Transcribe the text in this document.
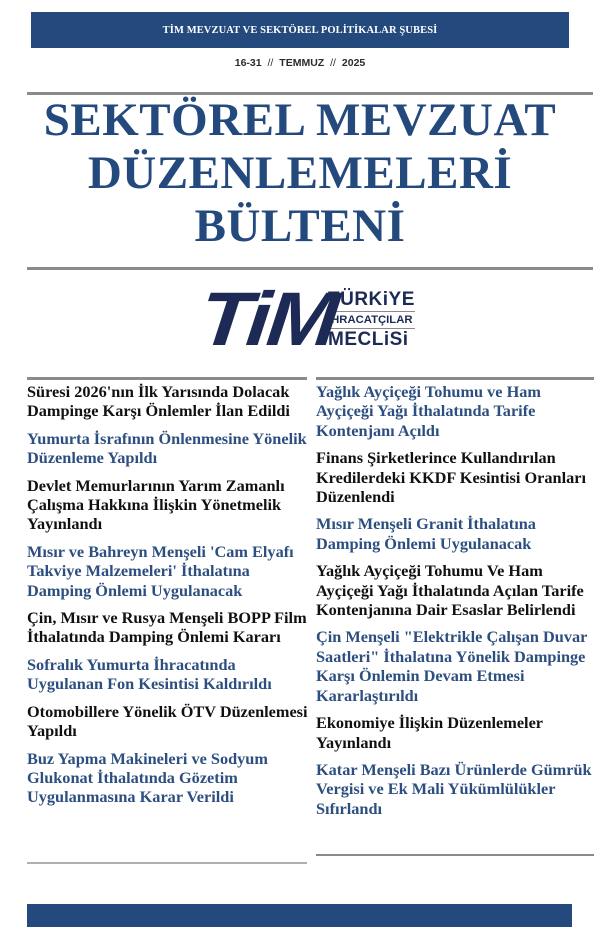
TİM MEVZUAT VE SEKTÖREL POLİTİKALAR ŞUBESİ
16-31 // TEMMUZ // 2025
SEKTÖREL MEVZUAT
DÜZENLEMELERİ
BÜLTENİ
TiM
TÜRKiYE
İHRACATÇILAR
MECLiSi
Süresi 2026'nın İlk Yarısında Dolacak Dampinge Karşı Önlemler İlan Edildi
Yumurta İsrafının Önlenmesine Yönelik Düzenleme Yapıldı
Devlet Memurlarının Yarım Zamanlı Çalışma Hakkına İlişkin Yönetmelik Yayınlandı
Mısır ve Bahreyn Menşeli 'Cam Elyafı Takviye Malzemeleri' İthalatına Damping Önlemi Uygulanacak
Çin, Mısır ve Rusya Menşeli BOPP Film İthalatında Damping Önlemi Kararı
Sofralık Yumurta İhracatında Uygulanan Fon Kesintisi Kaldırıldı
Otomobillere Yönelik ÖTV Düzenlemesi Yapıldı
Buz Yapma Makineleri ve Sodyum Glukonat İthalatında Gözetim Uygulanmasına Karar Verildi
Yağlık Ayçiçeği Tohumu ve Ham Ayçiçeği Yağı İthalatında Tarife Kontenjanı Açıldı
Finans Şirketlerince Kullandırılan Kredilerdeki KKDF Kesintisi Oranları Düzenlendi
Mısır Menşeli Granit İthalatına Damping Önlemi Uygulanacak
Yağlık Ayçiçeği Tohumu Ve Ham Ayçiçeği Yağı İthalatında Açılan Tarife Kontenjanına Dair Esaslar Belirlendi
Çin Menşeli "Elektrikle Çalışan Duvar Saatleri" İthalatına Yönelik Dampinge Karşı Önlemin Devam Etmesi Kararlaştırıldı
Ekonomiye İlişkin Düzenlemeler Yayınlandı
Katar Menşeli Bazı Ürünlerde Gümrük Vergisi ve Ek Mali Yükümlülükler Sıfırlandı
